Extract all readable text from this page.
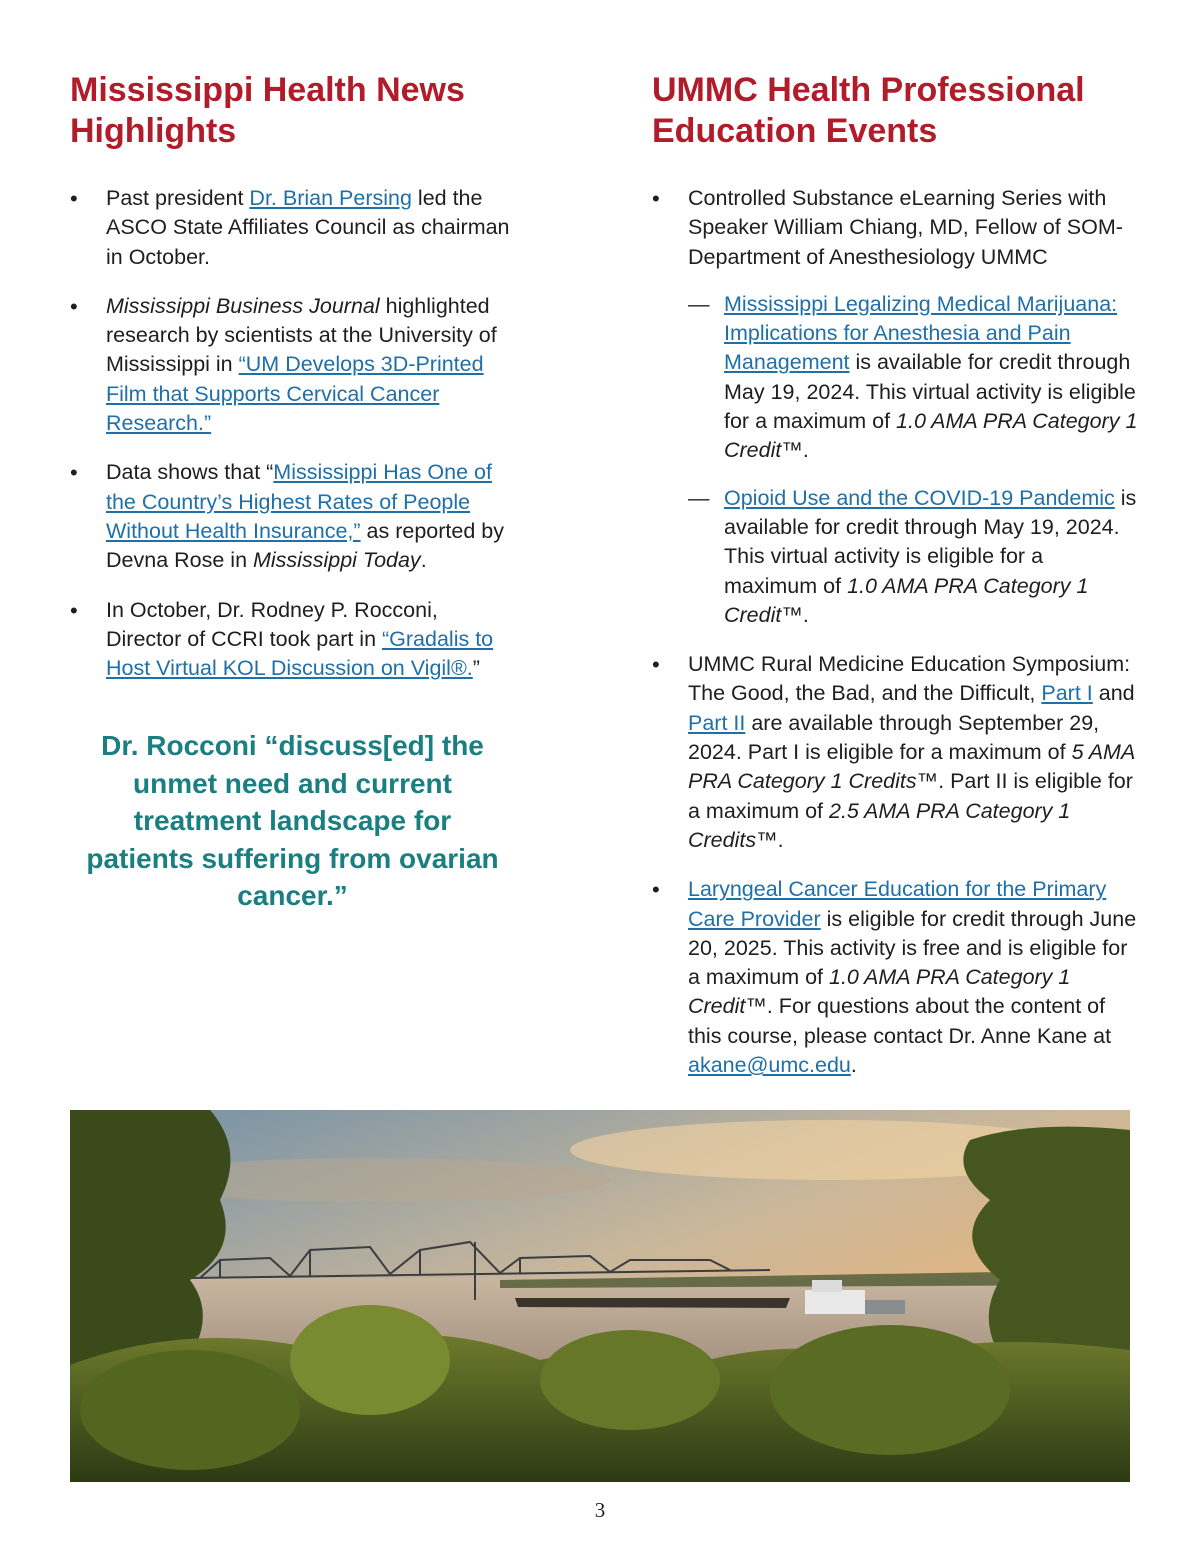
Mississippi Health News Highlights
• Past president Dr. Brian Persing led the ASCO State Affiliates Council as chairman in October.
• Mississippi Business Journal highlighted research by scientists at the University of Mississippi in “UM Develops 3D-Printed Film that Supports Cervical Cancer Research.”
• Data shows that “Mississippi Has One of the Country’s Highest Rates of People Without Health Insurance,” as reported by Devna Rose in Mississippi Today.
• In October, Dr. Rodney P. Rocconi, Director of CCRI took part in “Gradalis to Host Virtual KOL Discussion on Vigil®.”
Dr. Rocconi “discuss[ed] the unmet need and current treatment landscape for patients suffering from ovarian cancer.”
UMMC Health Professional Education Events
• Controlled Substance eLearning Series with Speaker William Chiang, MD, Fellow of SOM-Department of Anesthesiology UMMC
— Mississippi Legalizing Medical Marijuana: Implications for Anesthesia and Pain Management is available for credit through May 19, 2024. This virtual activity is eligible for a maximum of 1.0 AMA PRA Category 1 Credit™.
— Opioid Use and the COVID-19 Pandemic is available for credit through May 19, 2024. This virtual activity is eligible for a maximum of 1.0 AMA PRA Category 1 Credit™.
• UMMC Rural Medicine Education Symposium: The Good, the Bad, and the Difficult, Part I and Part II are available through September 29, 2024. Part I is eligible for a maximum of 5 AMA PRA Category 1 Credits™. Part II is eligible for a maximum of 2.5 AMA PRA Category 1 Credits™.
• Laryngeal Cancer Education for the Primary Care Provider is eligible for credit through June 20, 2025. This activity is free and is eligible for a maximum of 1.0 AMA PRA Category 1 Credit™. For questions about the content of this course, please contact Dr. Anne Kane at akane@umc.edu.
3
